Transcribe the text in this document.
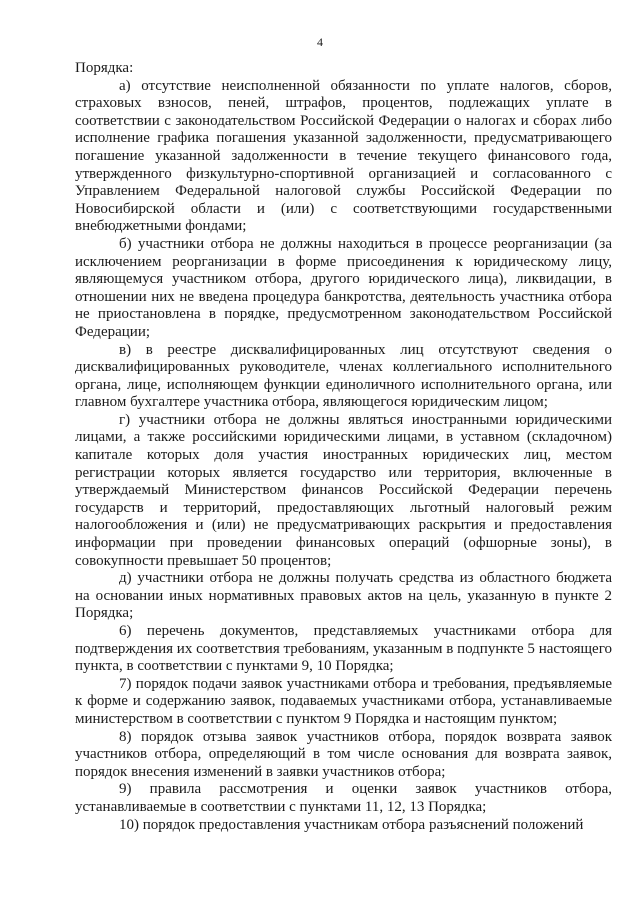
4

Порядка:

а) отсутствие неисполненной обязанности по уплате налогов, сборов, страховых взносов, пеней, штрафов, процентов, подлежащих уплате в соответствии с законодательством Российской Федерации о налогах и сборах либо исполнение графика погашения указанной задолженности, предусматривающего погашение указанной задолженности в течение текущего финансового года, утвержденного физкультурно-спортивной организацией и согласованного с Управлением Федеральной налоговой службы Российской Федерации по Новосибирской области и (или) с соответствующими государственными внебюджетными фондами;

б) участники отбора не должны находиться в процессе реорганизации (за исключением реорганизации в форме присоединения к юридическому лицу, являющемуся участником отбора, другого юридического лица), ликвидации, в отношении них не введена процедура банкротства, деятельность участника отбора не приостановлена в порядке, предусмотренном законодательством Российской Федерации;

в) в реестре дисквалифицированных лиц отсутствуют сведения о дисквалифицированных руководителе, членах коллегиального исполнительного органа, лице, исполняющем функции единоличного исполнительного органа, или главном бухгалтере участника отбора, являющегося юридическим лицом;

г) участники отбора не должны являться иностранными юридическими лицами, а также российскими юридическими лицами, в уставном (складочном) капитале которых доля участия иностранных юридических лиц, местом регистрации которых является государство или территория, включенные в утверждаемый Министерством финансов Российской Федерации перечень государств и территорий, предоставляющих льготный налоговый режим налогообложения и (или) не предусматривающих раскрытия и предоставления информации при проведении финансовых операций (офшорные зоны), в совокупности превышает 50 процентов;

д) участники отбора не должны получать средства из областного бюджета на основании иных нормативных правовых актов на цель, указанную в пункте 2 Порядка;

6) перечень документов, представляемых участниками отбора для подтверждения их соответствия требованиям, указанным в подпункте 5 настоящего пункта, в соответствии с пунктами 9, 10 Порядка;

7) порядок подачи заявок участниками отбора и требования, предъявляемые к форме и содержанию заявок, подаваемых участниками отбора, устанавливаемые министерством в соответствии с пунктом 9 Порядка и настоящим пунктом;

8) порядок отзыва заявок участников отбора, порядок возврата заявок участников отбора, определяющий в том числе основания для возврата заявок, порядок внесения изменений в заявки участников отбора;

9) правила рассмотрения и оценки заявок участников отбора, устанавливаемые в соответствии с пунктами 11, 12, 13 Порядка;

10) порядок предоставления участникам отбора разъяснений положений
